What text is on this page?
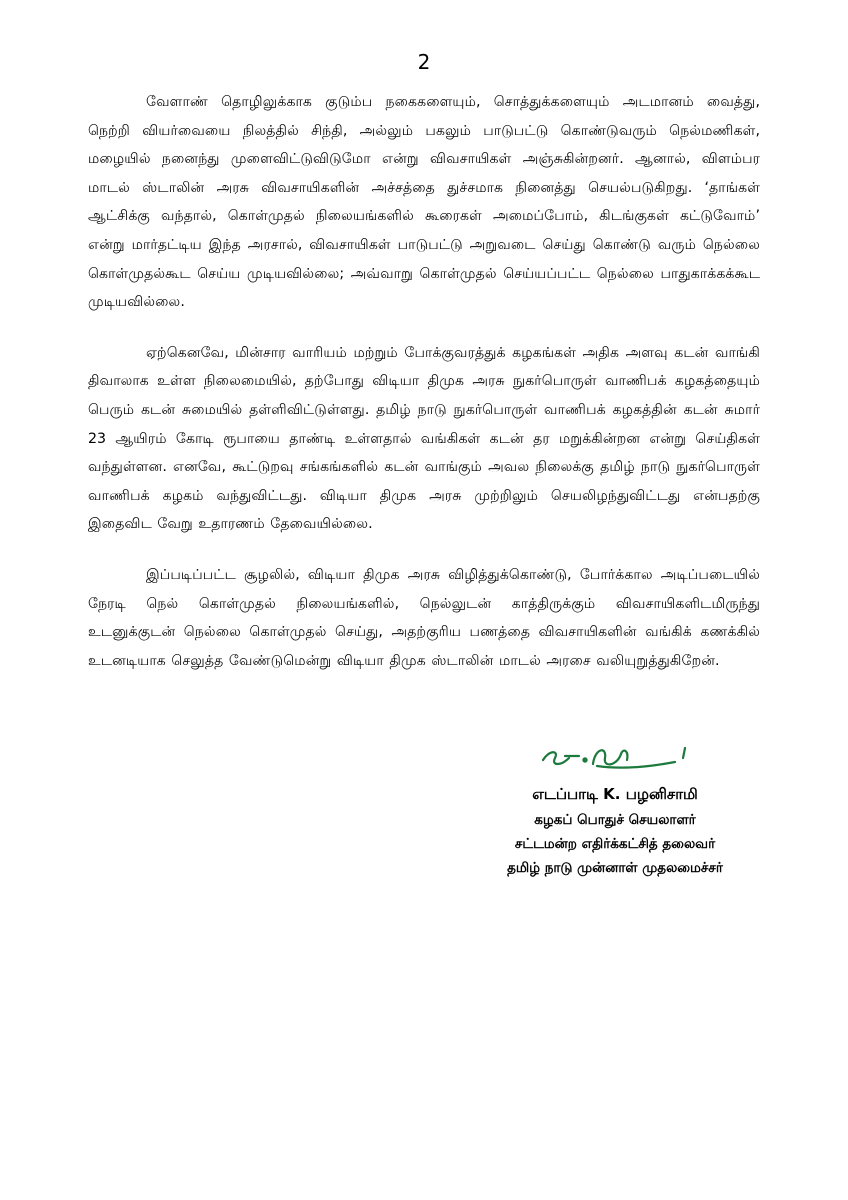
2

வேளாண் தொழிலுக்காக குடும்ப நகைகளையும், சொத்துக்களையும் அடமானம் வைத்து, நெற்றி வியர்வையை நிலத்தில் சிந்தி, அல்லும் பகலும் பாடுபட்டு கொண்டுவரும் நெல்மணிகள், மழையில் நனைந்து முளைவிட்டுவிடுமோ என்று விவசாயிகள் அஞ்சுகின்றனர். ஆனால், விளம்பர மாடல் ஸ்டாலின் அரசு விவசாயிகளின் அச்சத்தை துச்சமாக நினைத்து செயல்படுகிறது. ‘தாங்கள் ஆட்சிக்கு வந்தால், கொள்முதல் நிலையங்களில் கூரைகள் அமைப்போம், கிடங்குகள் கட்டுவோம்’ என்று மார்தட்டிய இந்த அரசால், விவசாயிகள் பாடுபட்டு அறுவடை செய்து கொண்டு வரும் நெல்லை கொள்முதல்கூட செய்ய முடியவில்லை; அவ்வாறு கொள்முதல் செய்யப்பட்ட நெல்லை பாதுகாக்கக்கூட முடியவில்லை.

ஏற்கெனவே, மின்சார வாரியம் மற்றும் போக்குவரத்துக் கழகங்கள் அதிக அளவு கடன் வாங்கி திவாலாக உள்ள நிலைமையில், தற்போது விடியா திமுக அரசு நுகர்பொருள் வாணிபக் கழகத்தையும் பெரும் கடன் சுமையில் தள்ளிவிட்டுள்ளது. தமிழ் நாடு நுகர்பொருள் வாணிபக் கழகத்தின் கடன் சுமார் 23 ஆயிரம் கோடி ரூபாயை தாண்டி உள்ளதால் வங்கிகள் கடன் தர மறுக்கின்றன என்று செய்திகள் வந்துள்ளன. எனவே, கூட்டுறவு சங்கங்களில் கடன் வாங்கும் அவல நிலைக்கு தமிழ் நாடு நுகர்பொருள் வாணிபக் கழகம் வந்துவிட்டது. விடியா திமுக அரசு முற்றிலும் செயலிழந்துவிட்டது என்பதற்கு இதைவிட வேறு உதாரணம் தேவையில்லை.

இப்படிப்பட்ட சூழலில், விடியா திமுக அரசு விழித்துக்கொண்டு, போர்க்கால அடிப்படையில் நேரடி நெல் கொள்முதல் நிலையங்களில், நெல்லுடன் காத்திருக்கும் விவசாயிகளிடமிருந்து உடனுக்குடன் நெல்லை கொள்முதல் செய்து, அதற்குரிய பணத்தை விவசாயிகளின் வங்கிக் கணக்கில் உடனடியாக செலுத்த வேண்டுமென்று விடியா திமுக ஸ்டாலின் மாடல் அரசை வலியுறுத்துகிறேன்.

எடப்பாடி K. பழனிசாமி
கழகப் பொதுச் செயலாளர்
சட்டமன்ற எதிர்க்கட்சித் தலைவர்
தமிழ் நாடு முன்னாள் முதலமைச்சர்
